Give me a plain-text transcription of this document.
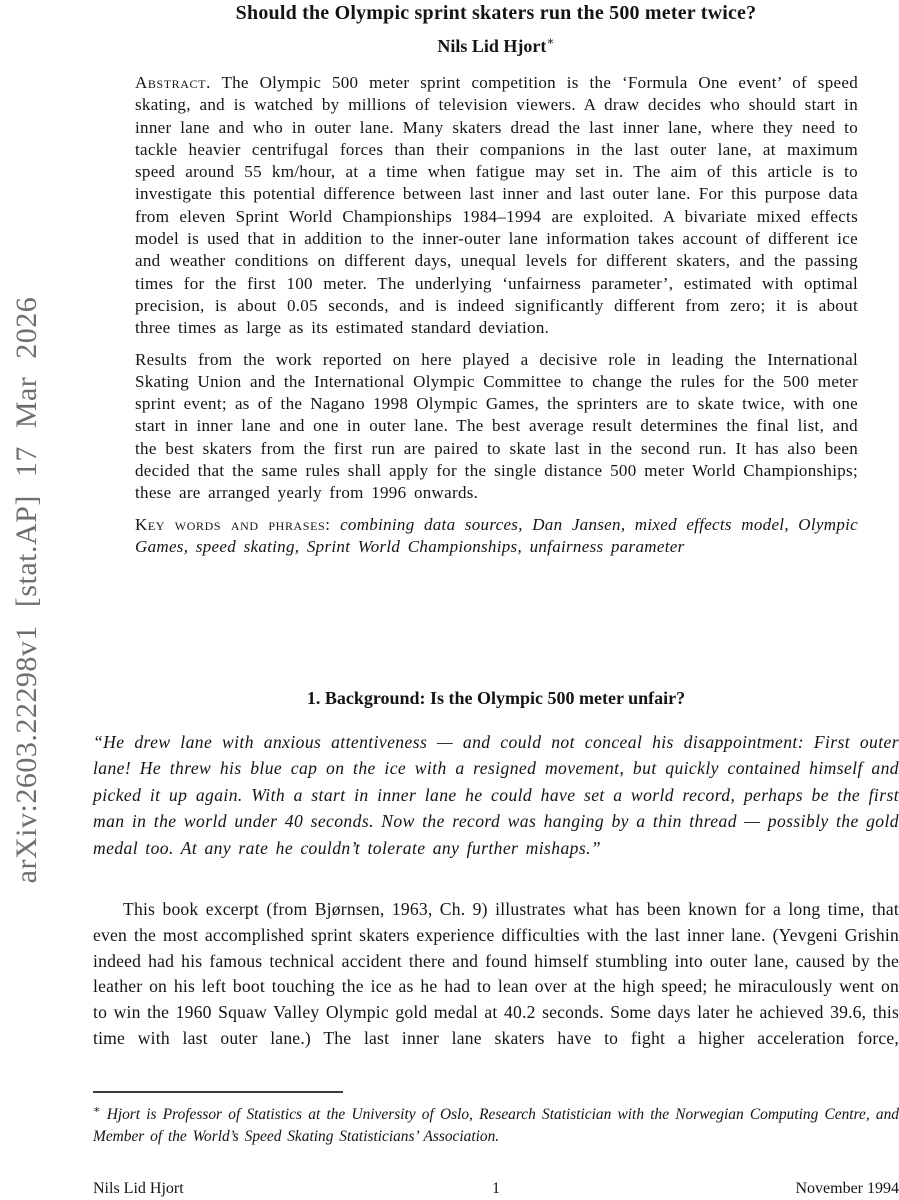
arXiv:2603.22298v1 [stat.AP] 17 Mar 2026
Should the Olympic sprint skaters run the 500 meter twice?
Nils Lid Hjort∗

Abstract. The Olympic 500 meter sprint competition is the ‘Formula One event’ of speed skating, and is watched by millions of television viewers. A draw decides who should start in inner lane and who in outer lane. Many skaters dread the last inner lane, where they need to tackle heavier centrifugal forces than their companions in the last outer lane, at maximum speed around 55 km/hour, at a time when fatigue may set in. The aim of this article is to investigate this potential difference between last inner and last outer lane. For this purpose data from eleven Sprint World Championships 1984–1994 are exploited. A bivariate mixed effects model is used that in addition to the inner-outer lane information takes account of different ice and weather conditions on different days, unequal levels for different skaters, and the passing times for the first 100 meter. The underlying ‘unfairness parameter’, estimated with optimal precision, is about 0.05 seconds, and is indeed significantly different from zero; it is about three times as large as its estimated standard deviation.

Results from the work reported on here played a decisive role in leading the International Skating Union and the International Olympic Committee to change the rules for the 500 meter sprint event; as of the Nagano 1998 Olympic Games, the sprinters are to skate twice, with one start in inner lane and one in outer lane. The best average result determines the final list, and the best skaters from the first run are paired to skate last in the second run. It has also been decided that the same rules shall apply for the single distance 500 meter World Championships; these are arranged yearly from 1996 onwards.

Key words and phrases: combining data sources, Dan Jansen, mixed effects model, Olympic Games, speed skating, Sprint World Championships, unfairness parameter

1. Background: Is the Olympic 500 meter unfair?

“He drew lane with anxious attentiveness — and could not conceal his disappointment: First outer lane! He threw his blue cap on the ice with a resigned movement, but quickly contained himself and picked it up again. With a start in inner lane he could have set a world record, perhaps be the first man in the world under 40 seconds. Now the record was hanging by a thin thread — possibly the gold medal too. At any rate he couldn’t tolerate any further mishaps.”

This book excerpt (from Bjørnsen, 1963, Ch. 9) illustrates what has been known for a long time, that even the most accomplished sprint skaters experience difficulties with the last inner lane. (Yevgeni Grishin indeed had his famous technical accident there and found himself stumbling into outer lane, caused by the leather on his left boot touching the ice as he had to lean over at the high speed; he miraculously went on to win the 1960 Squaw Valley Olympic gold medal at 40.2 seconds. Some days later he achieved 39.6, this time with last outer lane.) The last inner lane skaters have to fight a higher acceleration force,

∗ Hjort is Professor of Statistics at the University of Oslo, Research Statistician with the Norwegian Computing Centre, and Member of the World’s Speed Skating Statisticians’ Association.

1
Nils Lid Hjort	November 1994
